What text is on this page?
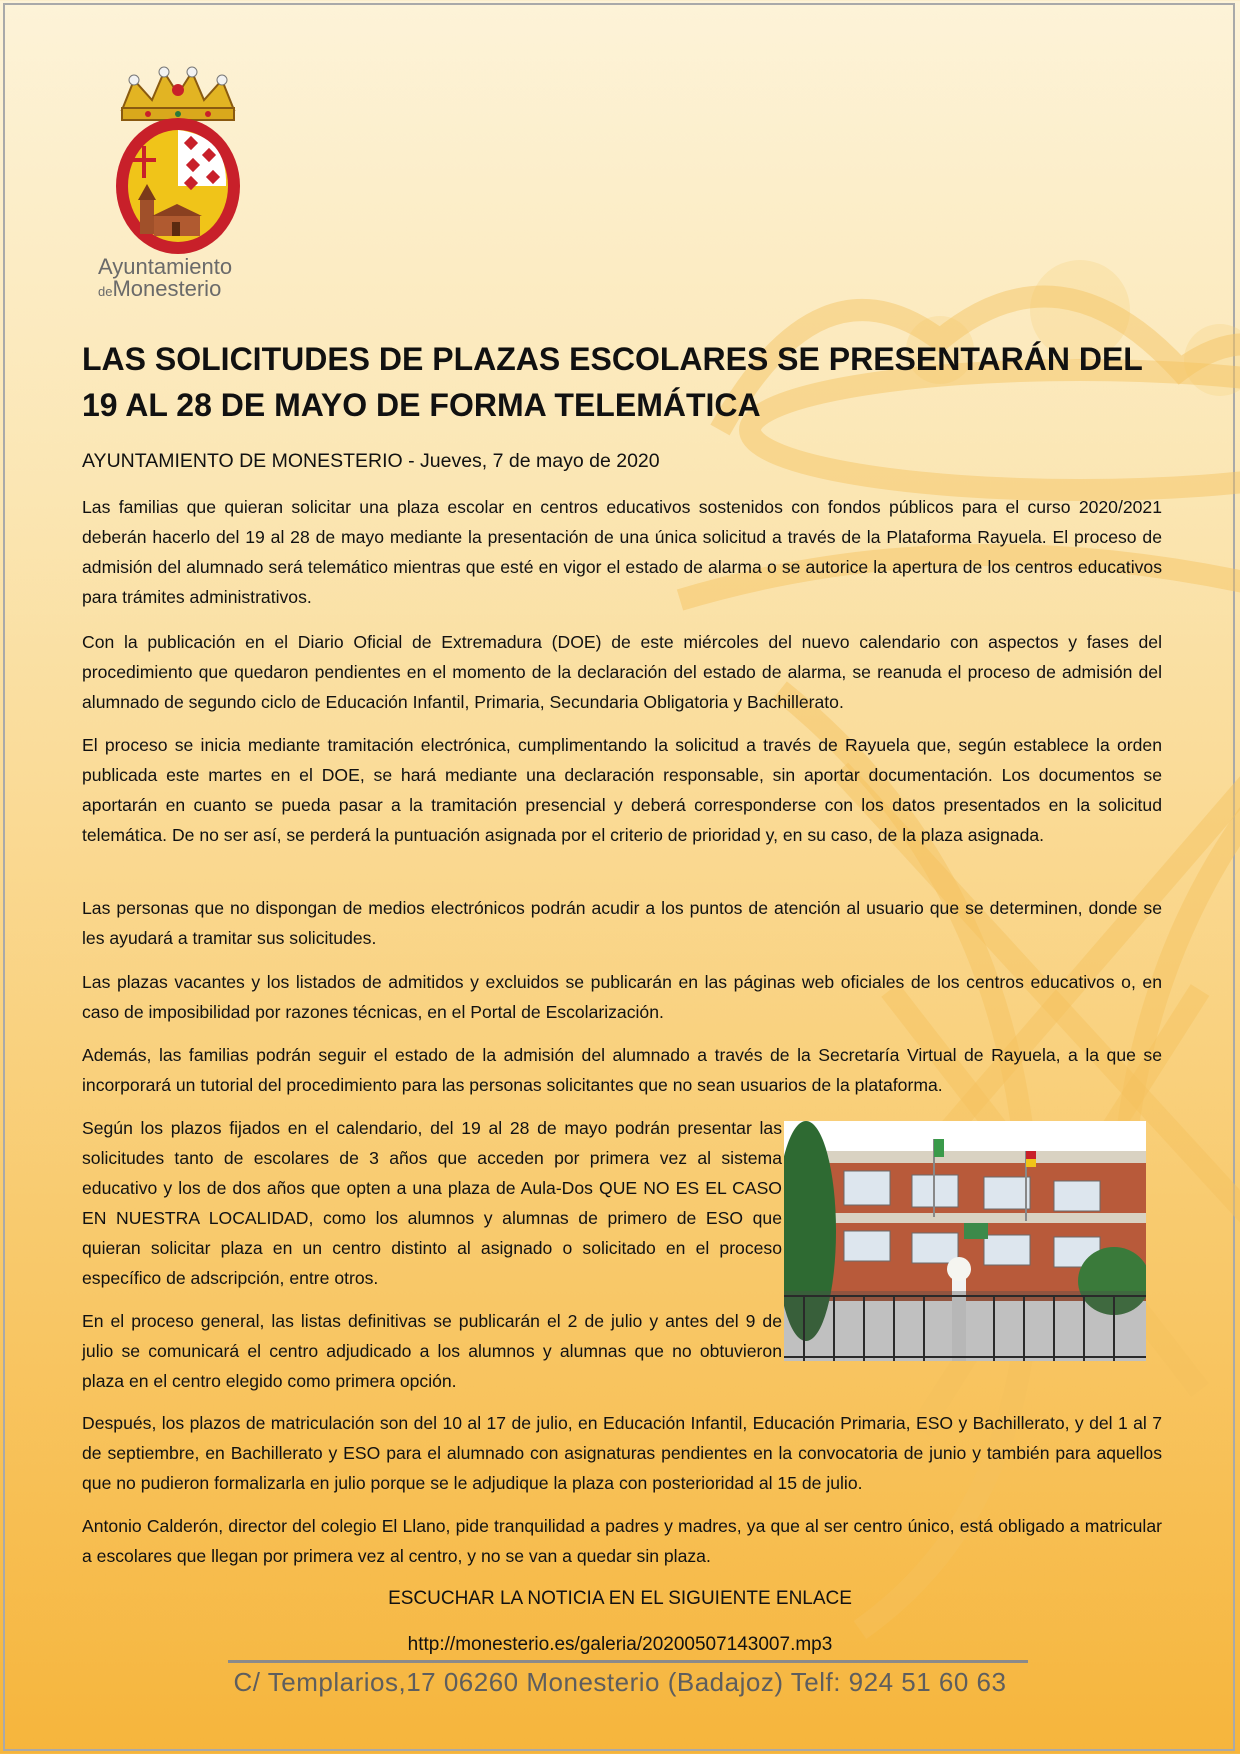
Ayuntamiento
deMonesterio
LAS SOLICITUDES DE PLAZAS ESCOLARES SE PRESENTARÁN DEL 19 AL 28 DE MAYO DE FORMA TELEMÁTICA
AYUNTAMIENTO DE MONESTERIO - Jueves, 7 de mayo de 2020

Las familias que quieran solicitar una plaza escolar en centros educativos sostenidos con fondos públicos para el curso 2020/2021 deberán hacerlo del 19 al 28 de mayo mediante la presentación de una única solicitud a través de la Plataforma Rayuela. El proceso de admisión del alumnado será telemático mientras que esté en vigor el estado de alarma o se autorice la apertura de los centros educativos para trámites administrativos.

Con la publicación en el Diario Oficial de Extremadura (DOE) de este miércoles del nuevo calendario con aspectos y fases del procedimiento que quedaron pendientes en el momento de la declaración del estado de alarma, se reanuda el proceso de admisión del alumnado de segundo ciclo de Educación Infantil, Primaria, Secundaria Obligatoria y Bachillerato.

El proceso se inicia mediante tramitación electrónica, cumplimentando la solicitud a través de Rayuela que, según establece la orden publicada este martes en el DOE, se hará mediante una declaración responsable, sin aportar documentación. Los documentos se aportarán en cuanto se pueda pasar a la tramitación presencial y deberá corresponderse con los datos presentados en la solicitud telemática. De no ser así, se perderá la puntuación asignada por el criterio de prioridad y, en su caso, de la plaza asignada.

Las personas que no dispongan de medios electrónicos podrán acudir a los puntos de atención al usuario que se determinen, donde se les ayudará a tramitar sus solicitudes.

Las plazas vacantes y los listados de admitidos y excluidos se publicarán en las páginas web oficiales de los centros educativos o, en caso de imposibilidad por razones técnicas, en el Portal de Escolarización.

Además, las familias podrán seguir el estado de la admisión del alumnado a través de la Secretaría Virtual de Rayuela, a la que se incorporará un tutorial del procedimiento para las personas solicitantes que no sean usuarios de la plataforma.

Según los plazos fijados en el calendario, del 19 al 28 de mayo podrán presentar las solicitudes tanto de escolares de 3 años que acceden por primera vez al sistema educativo y los de dos años que opten a una plaza de Aula-Dos QUE NO ES EL CASO EN NUESTRA LOCALIDAD, como los alumnos y alumnas de primero de ESO que quieran solicitar plaza en un centro distinto al asignado o solicitado en el proceso específico de adscripción, entre otros.

En el proceso general, las listas definitivas se publicarán el 2 de julio y antes del 9 de julio se comunicará el centro adjudicado a los alumnos y alumnas que no obtuvieron plaza en el centro elegido como primera opción.

Después, los plazos de matriculación son del 10 al 17 de julio, en Educación Infantil, Educación Primaria, ESO y Bachillerato, y del 1 al 7 de septiembre, en Bachillerato y ESO para el alumnado con asignaturas pendientes en la convocatoria de junio y también para aquellos que no pudieron formalizarla en julio porque se le adjudique la plaza con posterioridad al 15 de julio.

Antonio Calderón, director del colegio El Llano, pide tranquilidad a padres y madres, ya que al ser centro único, está obligado a matricular a escolares que llegan por primera vez al centro, y no se van a quedar sin plaza.

ESCUCHAR LA NOTICIA EN EL SIGUIENTE ENLACE
http://monesterio.es/galeria/20200507143007.mp3
C/ Templarios,17 06260 Monesterio (Badajoz) Telf: 924 51 60 63
